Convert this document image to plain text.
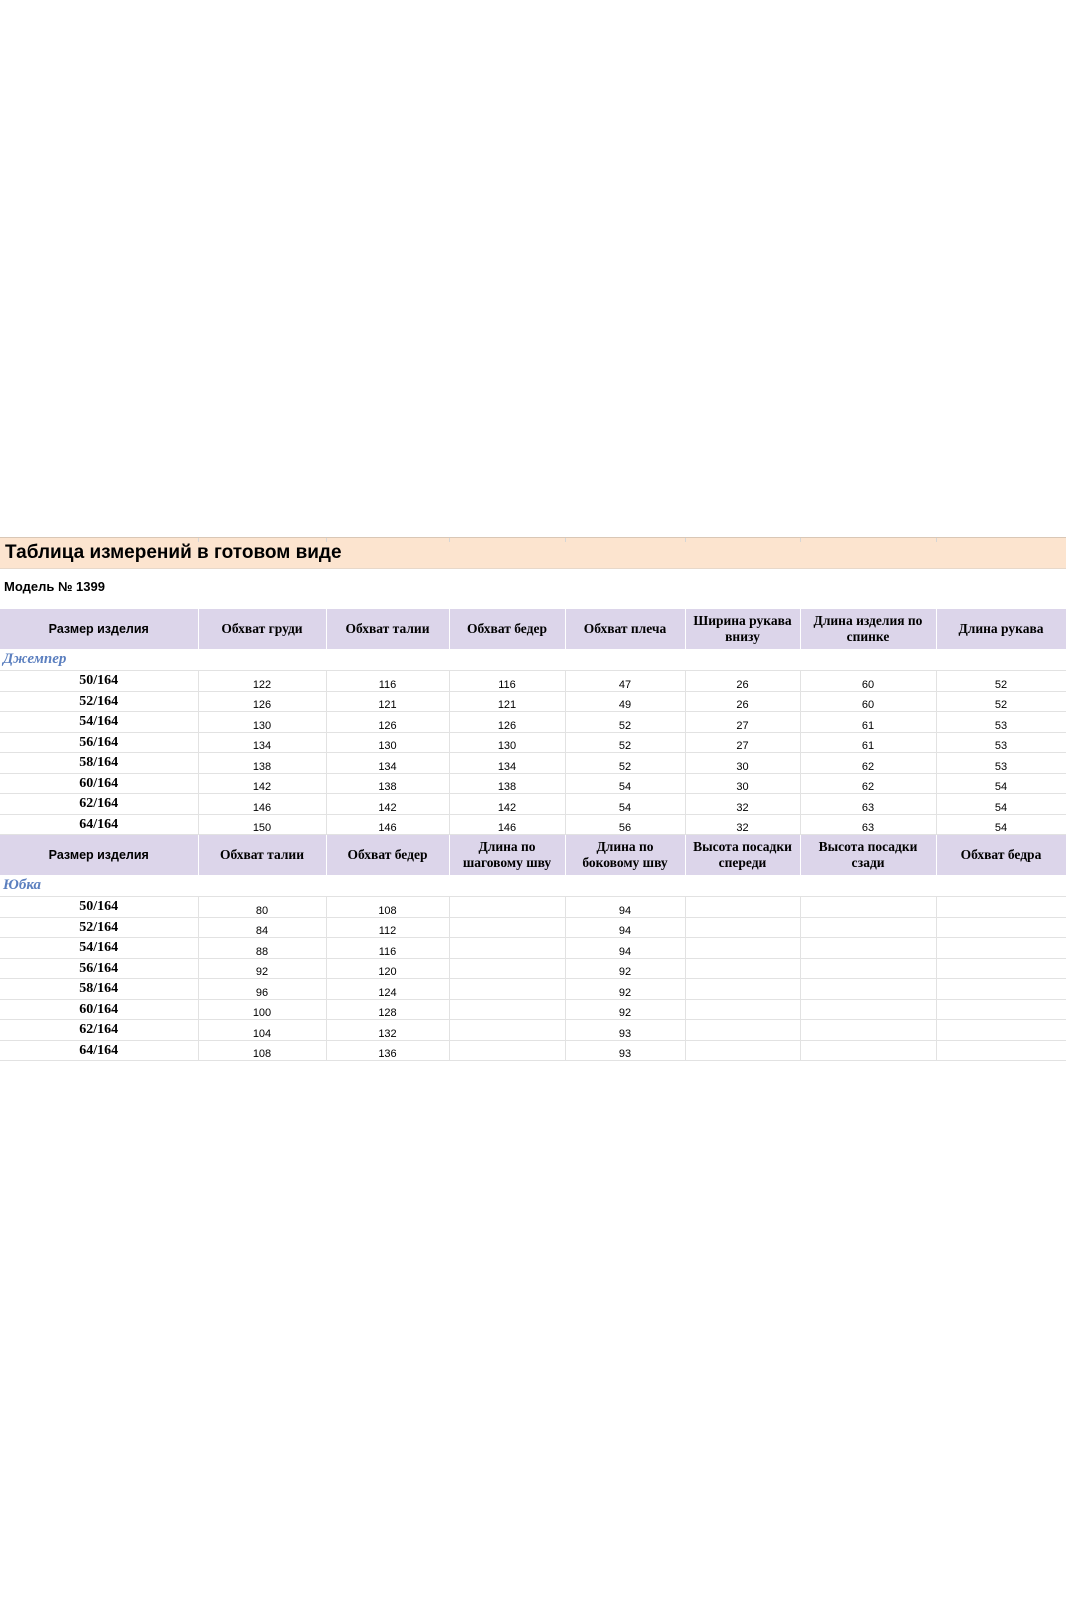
Таблица измерений в готовом виде
Модель № 1399
Размер изделия	Обхват груди	Обхват талии	Обхват бедер	Обхват плеча	Ширина рукава внизу	Длина изделия по спинке	Длина рукава
Джемпер							
50/164	122	116	116	47	26	60	52
52/164	126	121	121	49	26	60	52
54/164	130	126	126	52	27	61	53
56/164	134	130	130	52	27	61	53
58/164	138	134	134	52	30	62	53
60/164	142	138	138	54	30	62	54
62/164	146	142	142	54	32	63	54
64/164	150	146	146	56	32	63	54
Размер изделия	Обхват талии	Обхват бедер	Длина по шаговому шву	Длина по боковому шву	Высота посадки спереди	Высота посадки сзади	Обхват бедра
Юбка							
50/164	80	108		94			
52/164	84	112		94			
54/164	88	116		94			
56/164	92	120		92			
58/164	96	124		92			
60/164	100	128		92			
62/164	104	132		93			
64/164	108	136		93			
